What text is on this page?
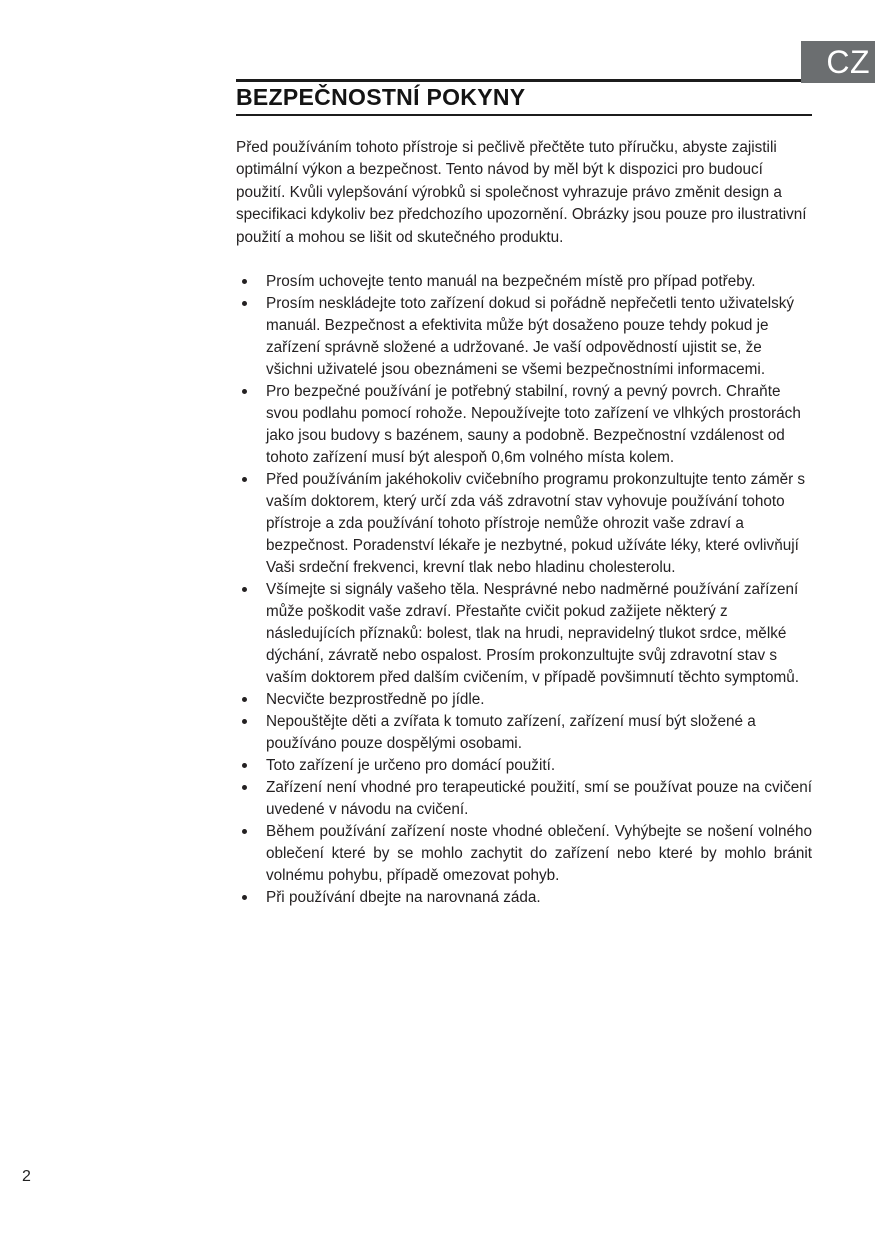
CZ
BEZPEČNOSTNÍ POKYNY

Před používáním tohoto přístroje si pečlivě přečtěte tuto příručku, abyste zajistili optimální výkon a bezpečnost. Tento návod by měl být k dispozici pro budoucí použití. Kvůli vylepšování výrobků si společnost vyhrazuje právo změnit design a specifikaci kdykoliv bez předchozího upozornění. Obrázky jsou pouze pro ilustrativní použití a mohou se lišit od skutečného produktu.

Prosím uchovejte tento manuál na bezpečném místě pro případ potřeby.
Prosím neskládejte toto zařízení dokud si pořádně nepřečetli tento uživatelský manuál. Bezpečnost a efektivita může být dosaženo pouze tehdy pokud je zařízení správně složené a udržované. Je vaší odpovědností ujistit se, že všichni uživatelé jsou obeznámeni se všemi bezpečnostními informacemi.
Pro bezpečné používání je potřebný stabilní, rovný a pevný povrch. Chraňte svou podlahu pomocí rohože. Nepoužívejte toto zařízení ve vlhkých prostorách jako jsou budovy s bazénem, sauny a podobně. Bezpečnostní vzdálenost od tohoto zařízení musí být alespoň 0,6m volného místa kolem.
Před používáním jakéhokoliv cvičebního programu prokonzultujte tento záměr s vaším doktorem, který určí zda váš zdravotní stav vyhovuje používání tohoto přístroje a zda používání tohoto přístroje nemůže ohrozit vaše zdraví a bezpečnost. Poradenství lékaře je nezbytné, pokud užíváte léky, které ovlivňují Vaši srdeční frekvenci, krevní tlak nebo hladinu cholesterolu.
Všímejte si signály vašeho těla. Nesprávné nebo nadměrné používání zařízení může poškodit vaše zdraví. Přestaňte cvičit pokud zažijete některý z následujících příznaků: bolest, tlak na hrudi, nepravidelný tlukot srdce, mělké dýchání, závratě nebo ospalost. Prosím prokonzultujte svůj zdravotní stav s vaším doktorem před dalším cvičením, v případě povšimnutí těchto symptomů.
Necvičte bezprostředně po jídle.
Nepouštějte děti a zvířata k tomuto zařízení, zařízení musí být složené a používáno pouze dospělými osobami.
Toto zařízení je určeno pro domácí použití.
Zařízení není vhodné pro terapeutické použití, smí se používat pouze na cvičení uvedené v návodu na cvičení.
Během používání zařízení noste vhodné oblečení. Vyhýbejte se nošení volného oblečení které by se mohlo zachytit do zařízení nebo které by mohlo bránit volnému pohybu, případě omezovat pohyb.
Při používání dbejte na narovnaná záda.
2
